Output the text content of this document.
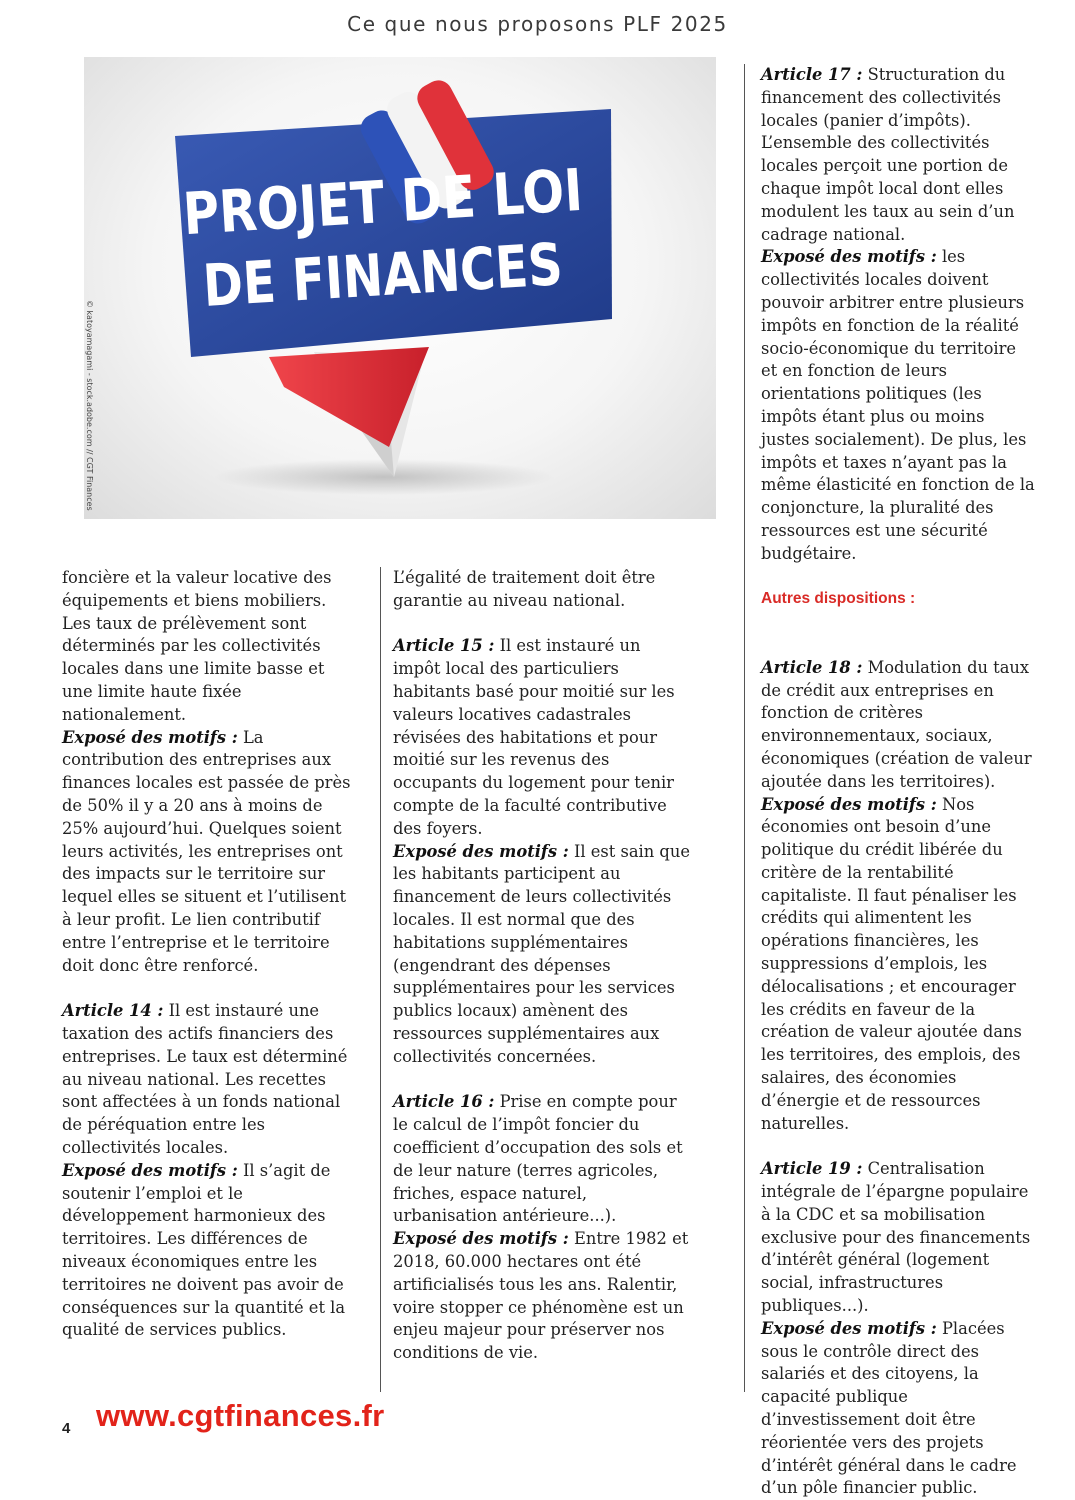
Ce que nous proposons PLF 2025
PROJET DE LOI
DE FINANCES
© katoyamagami - stock.adobe.com // CGT Finances

foncière et la valeur locative des équipements et biens mobiliers. Les taux de prélèvement sont déterminés par les collectivités locales dans une limite basse et une limite haute fixée nationalement.

Exposé des motifs : La contribution des entreprises aux finances locales est passée de près de 50% il y a 20 ans à moins de 25% aujourd’hui. Quelques soient leurs activités, les entreprises ont des impacts sur le territoire sur lequel elles se situent et l’utilisent à leur profit. Le lien contributif entre l’entreprise et le territoire doit donc être renforcé.

Article 14 : Il est instauré une taxation des actifs financiers des entreprises. Le taux est déterminé au niveau national. Les recettes sont affectées à un fonds national de péréquation entre les collectivités locales.

Exposé des motifs : Il s’agit de soutenir l’emploi et le développement harmonieux des territoires. Les différences de niveaux économiques entre les territoires ne doivent pas avoir de conséquences sur la quantité et la qualité de services publics.

L’égalité de traitement doit être garantie au niveau national.

Article 15 : Il est instauré un impôt local des particuliers habitants basé pour moitié sur les valeurs locatives cadastrales révisées des habitations et pour moitié sur les revenus des occupants du logement pour tenir compte de la faculté contributive des foyers.

Exposé des motifs : Il est sain que les habitants participent au financement de leurs collectivités locales. Il est normal que des habitations supplémentaires (engendrant des dépenses supplémentaires pour les services publics locaux) amènent des ressources supplémentaires aux collectivités concernées.

Article 16 : Prise en compte pour le calcul de l’impôt foncier du coefficient d’occupation des sols et de leur nature (terres agricoles, friches, espace naturel, urbanisation antérieure...).

Exposé des motifs : Entre 1982 et 2018, 60.000 hectares ont été artificialisés tous les ans. Ralentir, voire stopper ce phénomène est un enjeu majeur pour préserver nos conditions de vie.

Article 17 : Structuration du financement des collectivités locales (panier d’impôts). L’ensemble des collectivités locales perçoit une portion de chaque impôt local dont elles modulent les taux au sein d’un cadrage national.

Exposé des motifs : les collectivités locales doivent pouvoir arbitrer entre plusieurs impôts en fonction de la réalité socio-économique du territoire et en fonction de leurs orientations politiques (les impôts étant plus ou moins justes socialement). De plus, les impôts et taxes n’ayant pas la même élasticité en fonction de la conjoncture, la pluralité des ressources est une sécurité budgétaire.

Autres dispositions :

Article 18 : Modulation du taux de crédit aux entreprises en fonction de critères environnementaux, sociaux, économiques (création de valeur ajoutée dans les territoires).

Exposé des motifs : Nos économies ont besoin d’une politique du crédit libérée du critère de la rentabilité capitaliste. Il faut pénaliser les crédits qui alimentent les opérations financières, les suppressions d’emplois, les délocalisations ; et encourager les crédits en faveur de la création de valeur ajoutée dans les territoires, des emplois, des salaires, des économies d’énergie et de ressources naturelles.

Article 19 : Centralisation intégrale de l’épargne populaire à la CDC et sa mobilisation exclusive pour des financements d’intérêt général (logement social, infrastructures publiques...).

Exposé des motifs : Placées sous le contrôle direct des salariés et des citoyens, la capacité publique d’investissement doit être réorientée vers des projets d’intérêt général dans le cadre d’un pôle financier public.

4 www.cgtfinances.fr
